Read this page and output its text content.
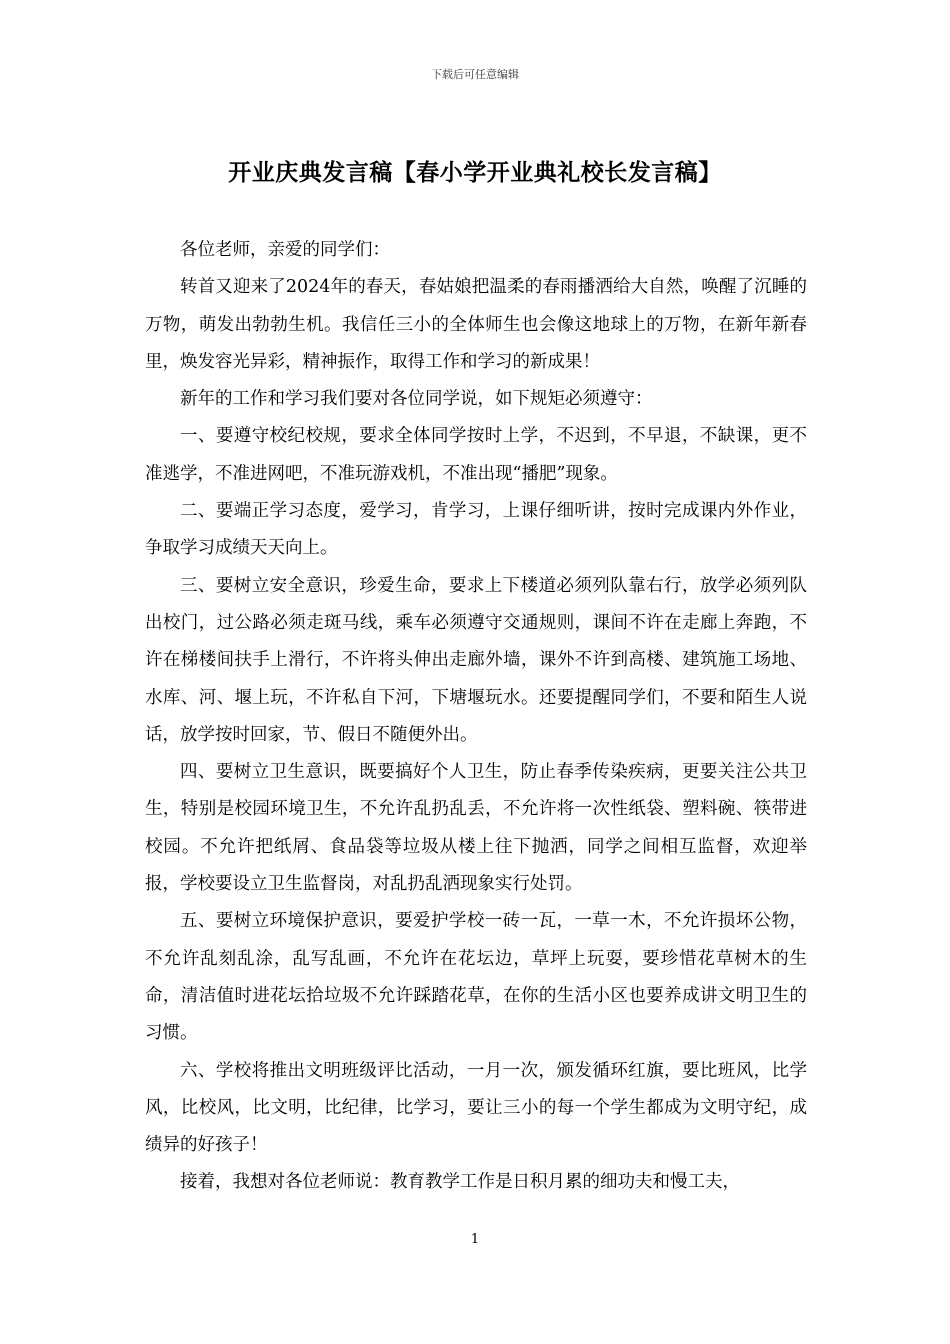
下载后可任意编辑
开业庆典发言稿【春小学开业典礼校长发言稿】

各位老师，亲爱的同学们：

转首又迎来了2024年的春天，春姑娘把温柔的春雨播洒给大自然，唤醒了沉睡的万物，萌发出勃勃生机。我信任三小的全体师生也会像这地球上的万物，在新年新春里，焕发容光异彩，精神振作，取得工作和学习的新成果！

新年的工作和学习我们要对各位同学说，如下规矩必须遵守：

一、要遵守校纪校规，要求全体同学按时上学，不迟到，不早退，不缺课，更不准逃学，不准进网吧，不准玩游戏机，不准出现“播肥”现象。

二、要端正学习态度，爱学习，肯学习，上课仔细听讲，按时完成课内外作业，争取学习成绩天天向上。

三、要树立安全意识，珍爱生命，要求上下楼道必须列队靠右行，放学必须列队出校门，过公路必须走斑马线，乘车必须遵守交通规则，课间不许在走廊上奔跑，不许在梯楼间扶手上滑行，不许将头伸出走廊外墙，课外不许到高楼、建筑施工场地、水库、河、堰上玩，不许私自下河，下塘堰玩水。还要提醒同学们，不要和陌生人说话，放学按时回家，节、假日不随便外出。

四、要树立卫生意识，既要搞好个人卫生，防止春季传染疾病，更要关注公共卫生，特别是校园环境卫生，不允许乱扔乱丢，不允许将一次性纸袋、塑料碗、筷带进校园。不允许把纸屑、食品袋等垃圾从楼上往下抛洒，同学之间相互监督，欢迎举报，学校要设立卫生监督岗，对乱扔乱洒现象实行处罚。

五、要树立环境保护意识，要爱护学校一砖一瓦，一草一木，不允许损坏公物，不允许乱刻乱涂，乱写乱画，不允许在花坛边，草坪上玩耍，要珍惜花草树木的生命，清洁值时进花坛拾垃圾不允许踩踏花草，在你的生活小区也要养成讲文明卫生的习惯。

六、学校将推出文明班级评比活动，一月一次，颁发循环红旗，要比班风，比学风，比校风，比文明，比纪律，比学习，要让三小的每一个学生都成为文明守纪，成绩异的好孩子！

接着，我想对各位老师说：教育教学工作是日积月累的细功夫和慢工夫，

1
